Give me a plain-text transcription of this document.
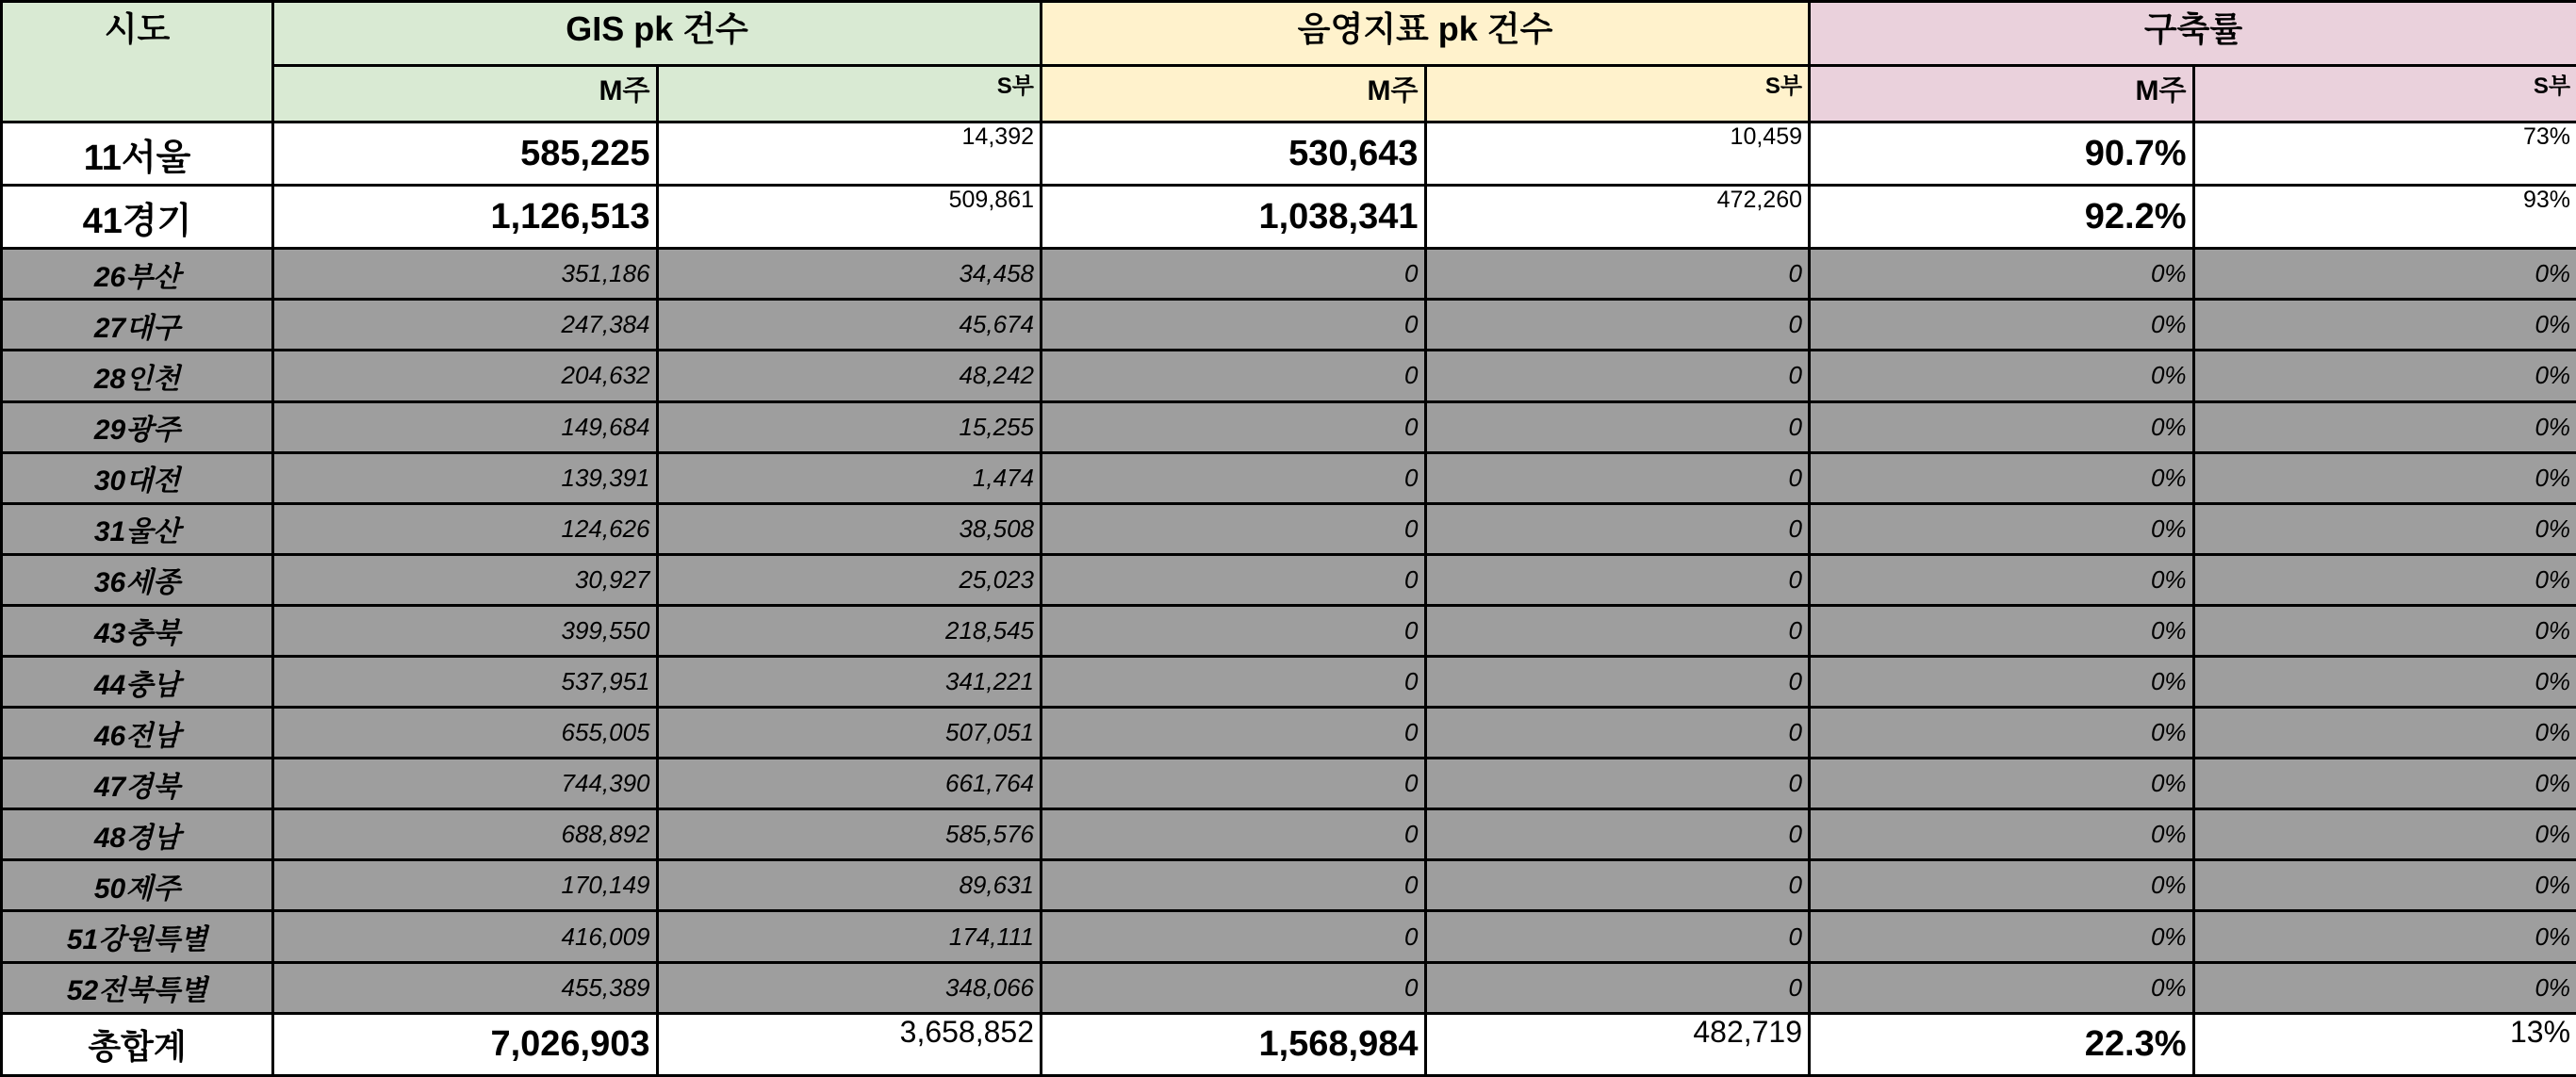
시도	GIS pk 건수		음영지표 pk 건수		구축률	
	M주	S부	M주	S부	M주	S부
11서울	585,225	14,392	530,643	10,459	90.7%	73%
41경기	1,126,513	509,861	1,038,341	472,260	92.2%	93%
26부산	351,186	34,458	0	0	0%	0%
27대구	247,384	45,674	0	0	0%	0%
28인천	204,632	48,242	0	0	0%	0%
29광주	149,684	15,255	0	0	0%	0%
30대전	139,391	1,474	0	0	0%	0%
31울산	124,626	38,508	0	0	0%	0%
36세종	30,927	25,023	0	0	0%	0%
43충북	399,550	218,545	0	0	0%	0%
44충남	537,951	341,221	0	0	0%	0%
46전남	655,005	507,051	0	0	0%	0%
47경북	744,390	661,764	0	0	0%	0%
48경남	688,892	585,576	0	0	0%	0%
50제주	170,149	89,631	0	0	0%	0%
51강원특별	416,009	174,111	0	0	0%	0%
52전북특별	455,389	348,066	0	0	0%	0%
총합계	7,026,903	3,658,852	1,568,984	482,719	22.3%	13%
